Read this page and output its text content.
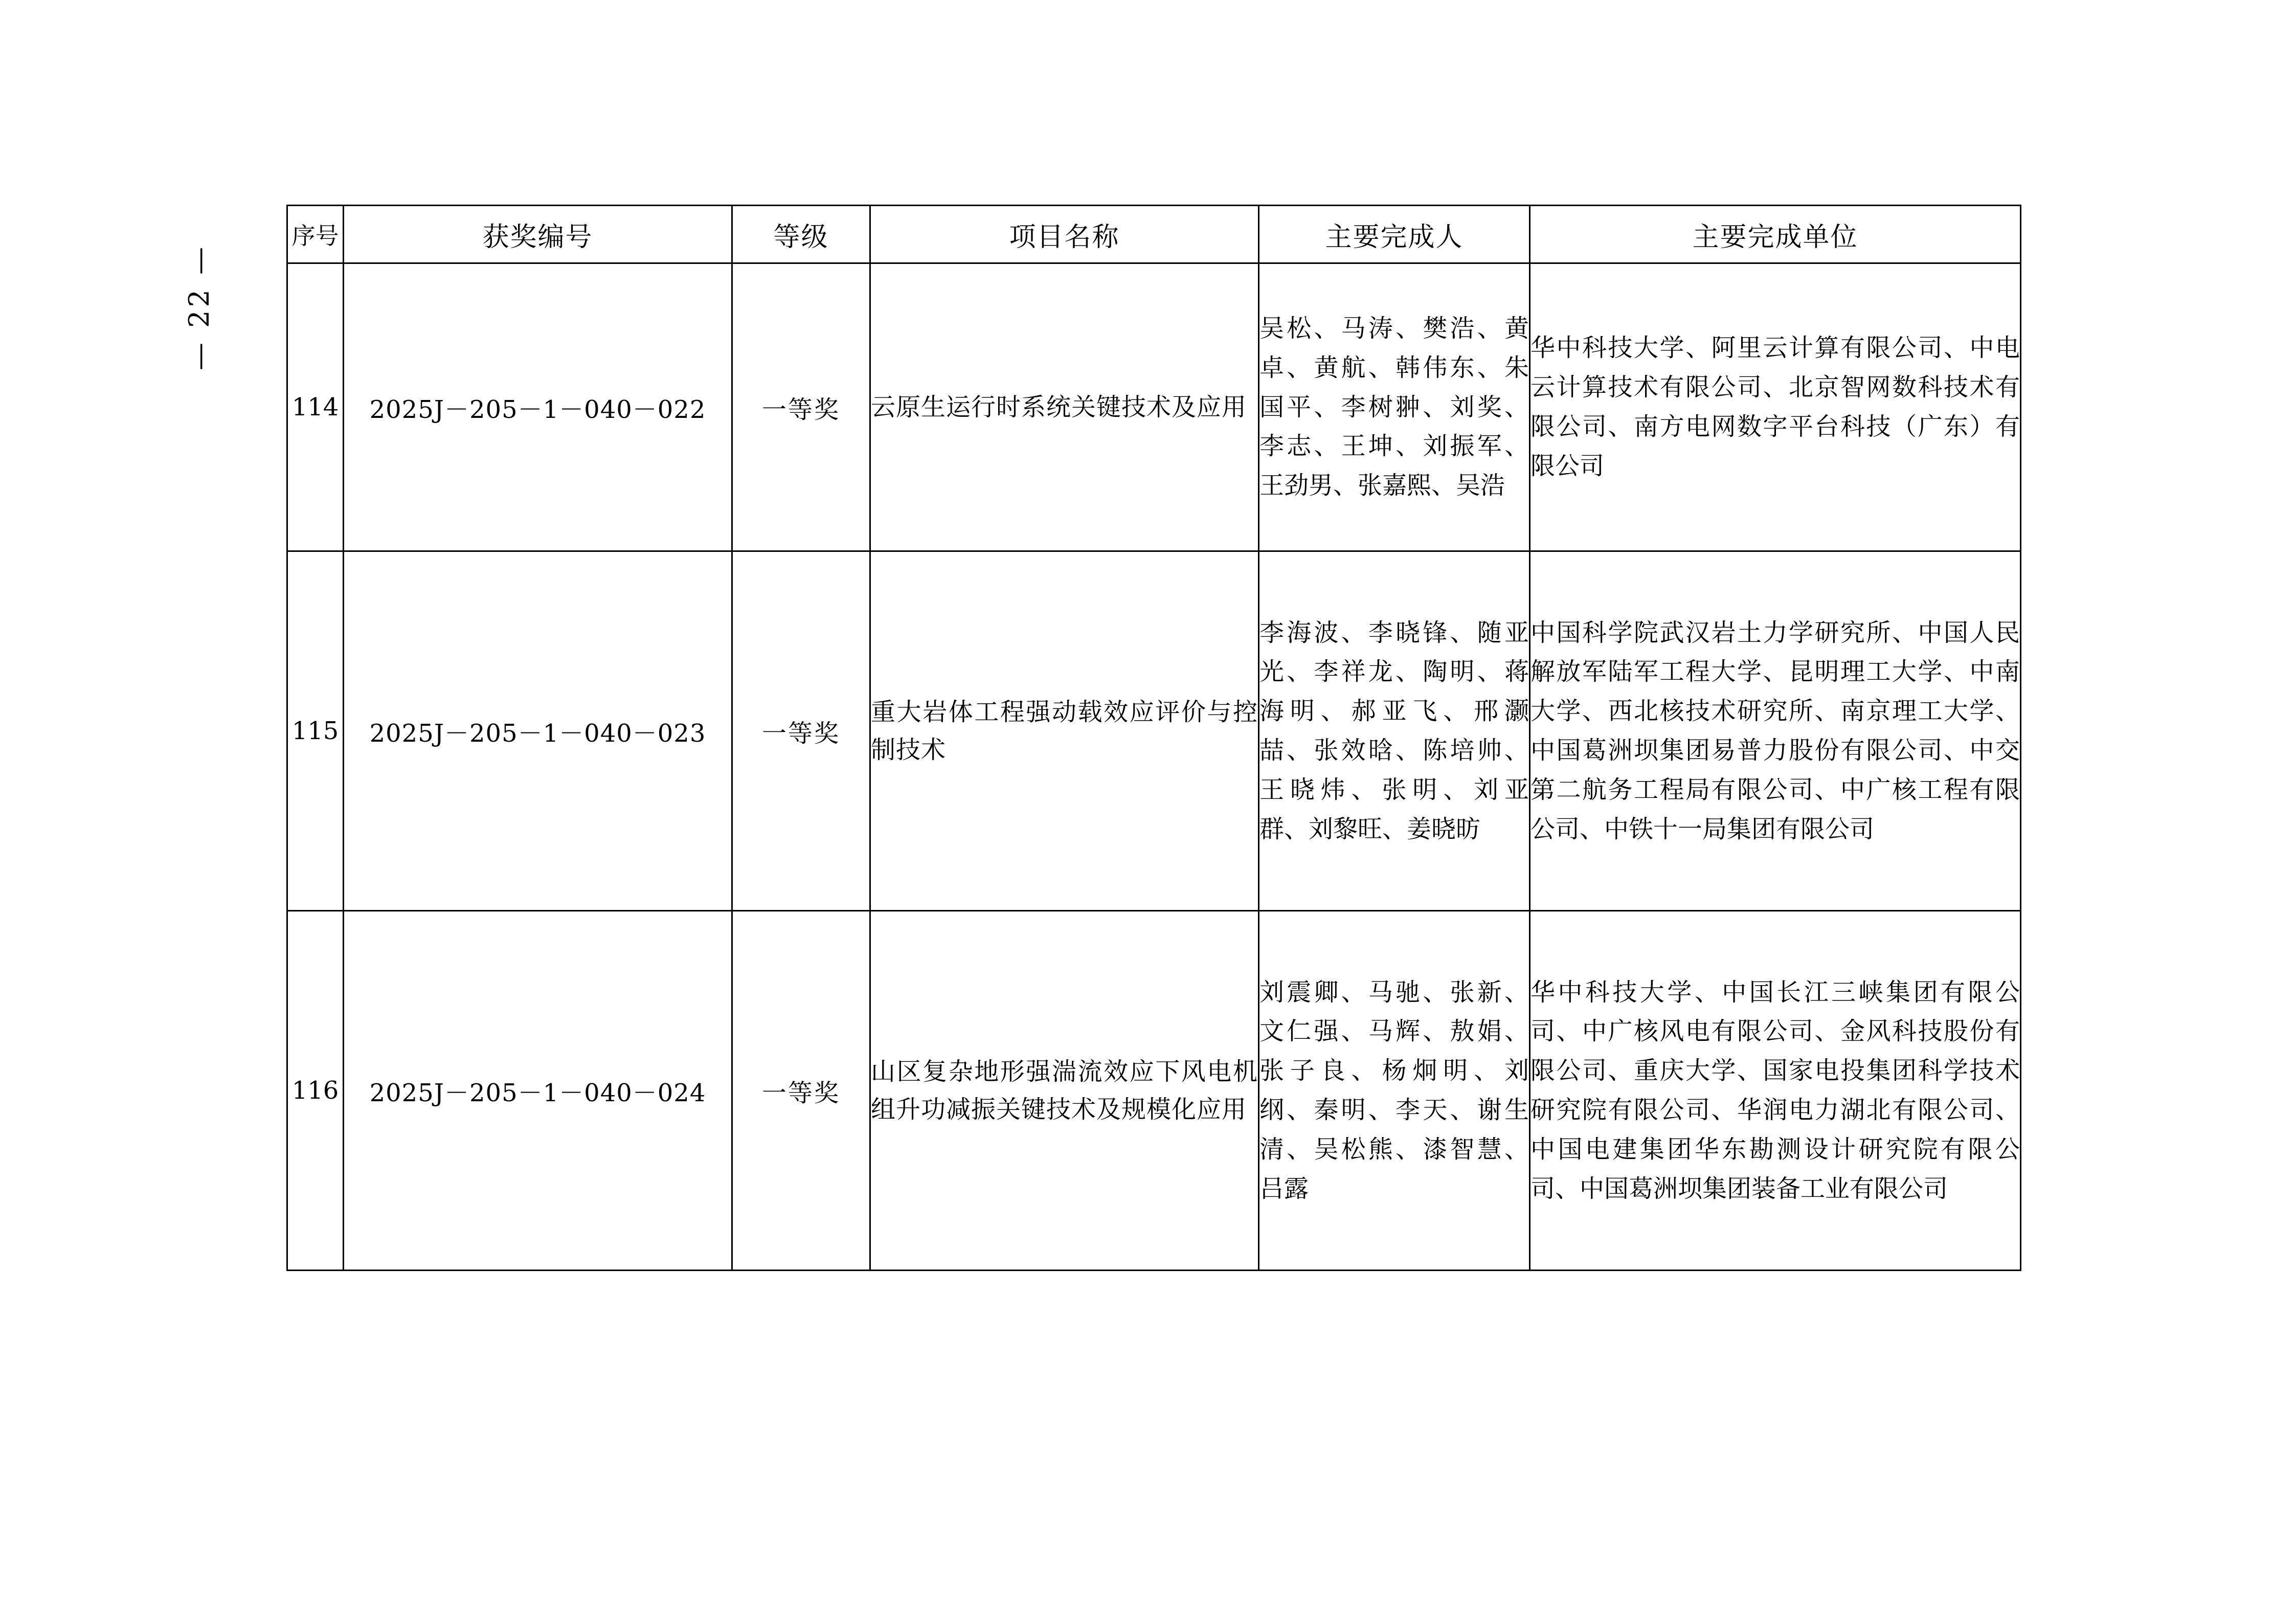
— 22 —
序号	获奖编号	等级	项目名称	主要完成人	主要完成单位
114	2025J－205－1－040－022	一等奖	云原生运行时系统关键技术及应用	吴松、马涛、樊浩、黄卓、黄航、韩伟东、朱国平、李树翀、刘奖、李志、王坤、刘振军、王劲男、张嘉熙、吴浩	华中科技大学、阿里云计算有限公司、中电云计算技术有限公司、北京智网数科技术有限公司、南方电网数字平台科技（广东）有限公司
115	2025J－205－1－040－023	一等奖	重大岩体工程强动载效应评价与控制技术	李海波、李晓锋、随亚光、李祥龙、陶明、蒋海明、郝亚飞、邢灏喆、张效晗、陈培帅、王晓炜、张明、刘亚群、刘黎旺、姜晓昉	中国科学院武汉岩土力学研究所、中国人民解放军陆军工程大学、昆明理工大学、中南大学、西北核技术研究所、南京理工大学、中国葛洲坝集团易普力股份有限公司、中交第二航务工程局有限公司、中广核工程有限公司、中铁十一局集团有限公司
116	2025J－205－1－040－024	一等奖	山区复杂地形强湍流效应下风电机组升功减振关键技术及规模化应用	刘震卿、马驰、张新、文仁强、马辉、敖娟、张子良、杨炯明、刘纲、秦明、李天、谢生清、吴松熊、漆智慧、吕露	华中科技大学、中国长江三峡集团有限公司、中广核风电有限公司、金风科技股份有限公司、重庆大学、国家电投集团科学技术研究院有限公司、华润电力湖北有限公司、中国电建集团华东勘测设计研究院有限公司、中国葛洲坝集团装备工业有限公司
